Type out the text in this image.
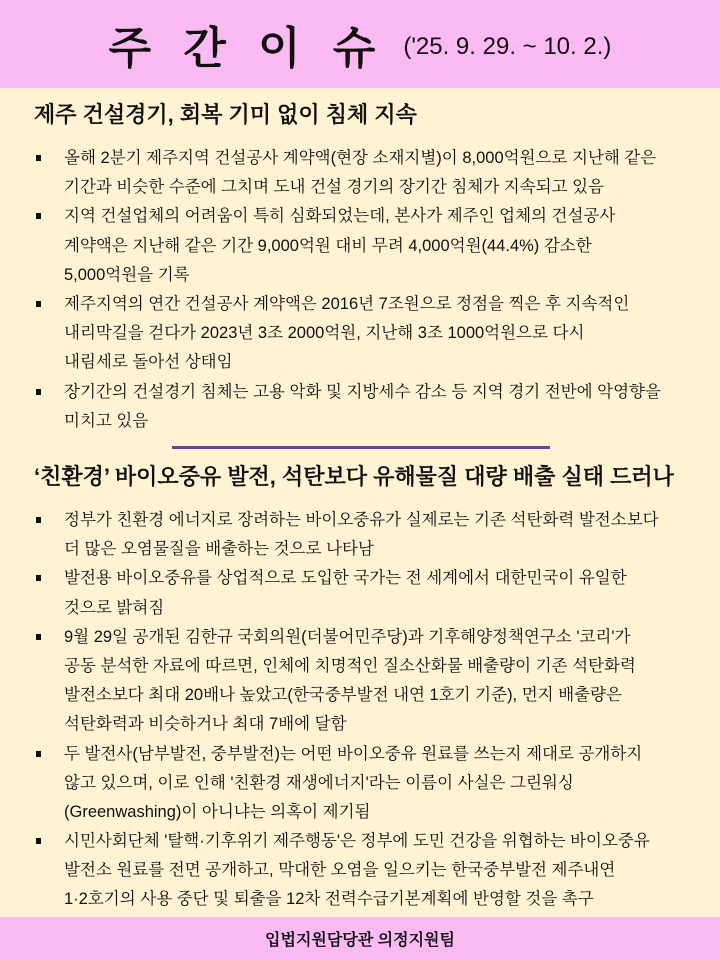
주 간 이 슈 ('25. 9. 29. ~ 10. 2.)
제주 건설경기, 회복 기미 없이 침체 지속
올해 2분기 제주지역 건설공사 계약액(현장 소재지별)이 8,000억원으로 지난해 같은
기간과 비슷한 수준에 그치며 도내 건설 경기의 장기간 침체가 지속되고 있음
지역 건설업체의 어려움이 특히 심화되었는데, 본사가 제주인 업체의 건설공사
계약액은 지난해 같은 기간 9,000억원 대비 무려 4,000억원(44.4%) 감소한
5,000억원을 기록
제주지역의 연간 건설공사 계약액은 2016년 7조원으로 정점을 찍은 후 지속적인
내리막길을 걷다가 2023년 3조 2000억원, 지난해 3조 1000억원으로 다시
내림세로 돌아선 상태임
장기간의 건설경기 침체는 고용 악화 및 지방세수 감소 등 지역 경기 전반에 악영향을
미치고 있음
‘친환경’ 바이오중유 발전, 석탄보다 유해물질 대량 배출 실태 드러나
정부가 친환경 에너지로 장려하는 바이오중유가 실제로는 기존 석탄화력 발전소보다
더 많은 오염물질을 배출하는 것으로 나타남
발전용 바이오중유를 상업적으로 도입한 국가는 전 세계에서 대한민국이 유일한
것으로 밝혀짐
9월 29일 공개된 김한규 국회의원(더불어민주당)과 기후해양정책연구소 '코리'가
공동 분석한 자료에 따르면, 인체에 치명적인 질소산화물 배출량이 기존 석탄화력
발전소보다 최대 20배나 높았고(한국중부발전 내연 1호기 기준), 먼지 배출량은
석탄화력과 비슷하거나 최대 7배에 달함
두 발전사(남부발전, 중부발전)는 어떤 바이오중유 원료를 쓰는지 제대로 공개하지
않고 있으며, 이로 인해 '친환경 재생에너지'라는 이름이 사실은 그린워싱
(Greenwashing)이 아니냐는 의혹이 제기됨
시민사회단체 '탈핵·기후위기 제주행동'은 정부에 도민 건강을 위협하는 바이오중유
발전소 원료를 전면 공개하고, 막대한 오염을 일으키는 한국중부발전 제주내연
1·2호기의 사용 중단 및 퇴출을 12차 전력수급기본계획에 반영할 것을 촉구
입법지원담당관 의정지원팀
